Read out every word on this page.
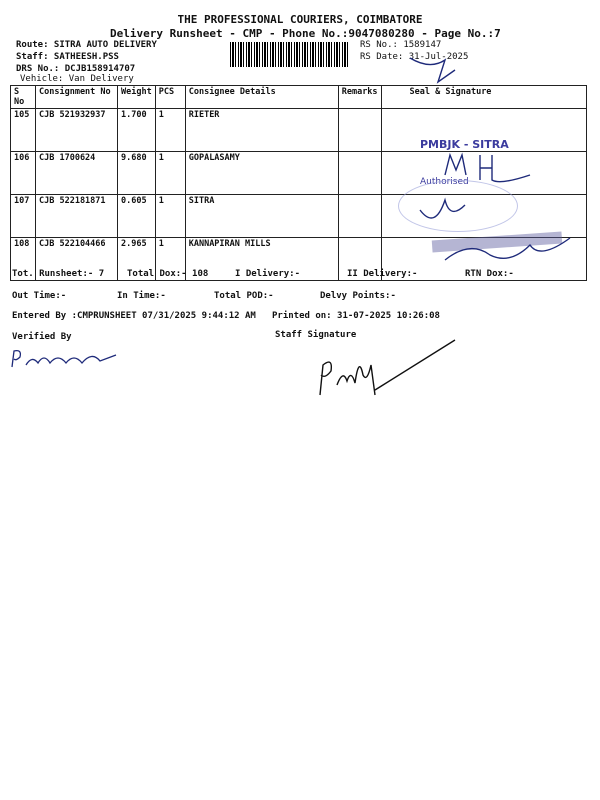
THE PROFESSIONAL COURIERS, COIMBATORE
Delivery Runsheet - CMP - Phone No.:9047080280 - Page No.:7
Route: SITRA AUTO DELIVERY
Staff: SATHEESH.PSS
DRS No.: DCJB158914707
Vehicle: Van Delivery
RS No.: 1589147
RS Date: 31-Jul-2025
S No	Consignment No	Weight	PCS	Consignee Details	Remarks	Seal & Signature
105	CJB 521932937	1.700	1	RIETER		
106	CJB 1700624	9.680	1	GOPALASAMY		
107	CJB 522181871	0.605	1	SITRA		
108	CJB 522104466	2.965	1	KANNAPIRAN MILLS		
PMBJK - SITRA
Authorised
Tot. Runsheet:- 7	Total Dox:- 108	I Delivery:-	II Delivery:-	RTN Dox:-
Out Time:-	In Time:-	Total POD:-	Delvy Points:-
Entered By :CMPRUNSHEET 07/31/2025 9:44:12 AM Printed on: 31-07-2025 10:26:08
Verified By	Staff Signature
